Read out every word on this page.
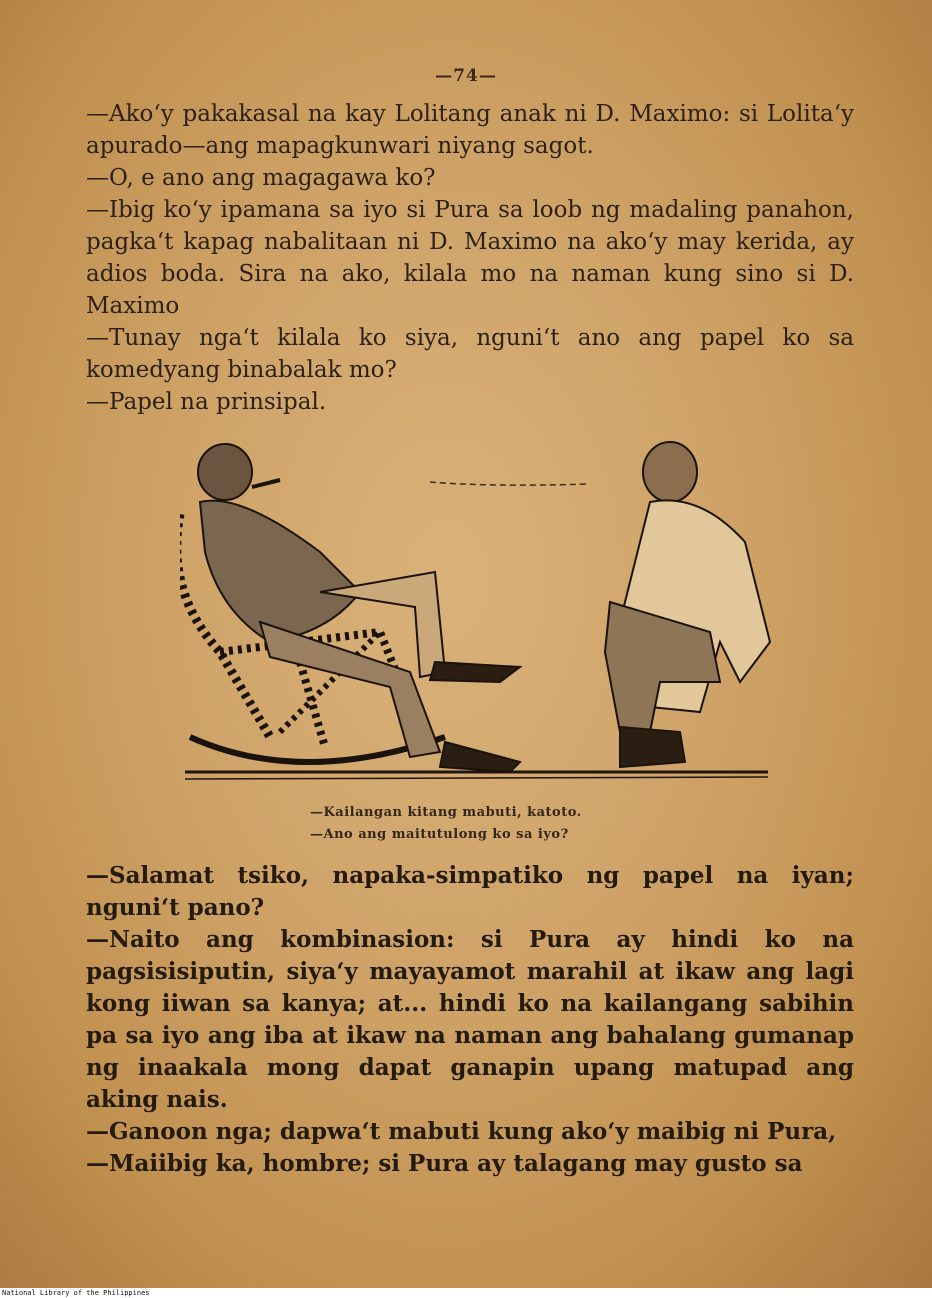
—74—

—Ako‘y pakakasal na kay Lolitang anak ni D. Maximo: si Lolita‘y apurado—ang mapagkunwari niyang sagot.

—O, e ano ang magagawa ko?

—Ibig ko‘y ipamana sa iyo si Pura sa loob ng madaling panahon, pagka‘t kapag nabalitaan ni D. Maximo na ako‘y may kerida, ay adios boda. Sira na ako, kilala mo na naman kung sino si D. Maximo

—Tunay nga‘t kilala ko siya, nguni‘t ano ang papel ko sa komedyang binabalak mo?

—Papel na prinsipal.

—Kailangan kitang mabuti, katoto.
—Ano ang maitutulong ko sa iyo?

—Salamat tsiko, napaka-simpatiko ng papel na iyan; nguni‘t pano?

—Naito ang kombinasion: si Pura ay hindi ko na pagsisisiputin, siya‘y mayayamot marahil at ikaw ang lagi kong iiwan sa kanya; at... hindi ko na kailangang sabihin pa sa iyo ang iba at ikaw na naman ang bahalang gumanap ng inaakala mong dapat ganapin upang matupad ang aking nais.

—Ganoon nga; dapwa‘t mabuti kung ako‘y maibig ni Pura,

—Maiibig ka, hombre; si Pura ay talagang may gusto sa

National Library of the Philippines
